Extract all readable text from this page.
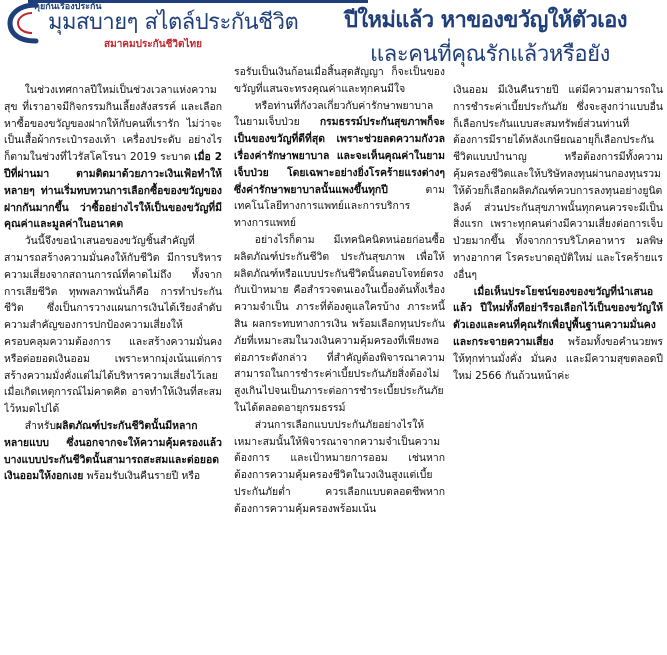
คุยกันเรื่องประกัน
มุมสบายๆ สไตล์ประกันชีวิต
สมาคมประกันชีวิตไทย
ปีใหม่แล้ว หาของขวัญให้ตัวเอง
และคนที่คุณรักแล้วหรือยัง

  ในช่วงเทศกาลปีใหม่เป็นช่วงเวลาแห่งความสุข ที่เราอาจมีกิจกรรมกินเลี้ยงสังสรรค์ และเลือกหาซื้อของขวัญของฝากให้กับคนที่เรารัก ไม่ว่าจะเป็นเสื้อผ้ากระเป๋ารองเท้า เครื่องประดับ อย่างไรก็ตามในช่วงที่ไวรัสโคโรนา 2019 ระบาด เมื่อ 2 ปีที่ผ่านมา ตามติดมาด้วยภาวะเงินเฟ้อทำให้หลายๆ ท่านเริ่มทบทวนการเลือกซื้อของขวัญของฝากกันมากขึ้น ว่าซื้ออย่างไรให้เป็นของขวัญที่มีคุณค่าและมูลค่าในอนาคต

  วันนี้จึงขอนำเสนอของขวัญชิ้นสำคัญที่สามารถสร้างความมั่นคงให้กับชีวิต มีการบริหารความเสี่ยงจากสถานการณ์ที่คาดไม่ถึง ทั้งจากการเสียชีวิต ทุพพลภาพนั่นก็คือ การทำประกันชีวิต ซึ่งเป็นการวางแผนการเงินได้เรียงลำดับความสำคัญของการปกป้องความเสี่ยงให้ครอบคลุมความต้องการ และสร้างความมั่นคง หรือต่อยอดเงินออม เพราะหากมุ่งเน้นแต่การสร้างความมั่งคั่งแต่ไม่ได้บริหารความเสี่ยงไว้เลย เมื่อเกิดเหตุการณ์ไม่คาดคิด อาจทำให้เงินที่สะสมไว้หมดไปได้

  สำหรับผลิตภัณฑ์ประกันชีวิตนั้นมีหลากหลายแบบ ซึ่งนอกจากจะให้ความคุ้มครองแล้วบางแบบประกันชีวิตนั้นสามารถสะสมและต่อยอดเงินออมให้งอกเงย พร้อมรับเงินคืนรายปี หรือ

รอรับเป็นเงินก้อนเมื่อสิ้นสุดสัญญา ก็จะเป็นของขวัญที่แสนจะทรงคุณค่าและทุกคนมีใจ

  หรือท่านที่กังวลเกี่ยวกับค่ารักษาพยาบาลในยามเจ็บป่วย กรมธรรม์ประกันสุขภาพก็จะเป็นของขวัญที่ดีที่สุด เพราะช่วยลดความกังวลเรื่องค่ารักษาพยาบาล และจะเห็นคุณค่าในยามเจ็บป่วย โดยเฉพาะอย่างยิ่งโรคร้ายแรงต่างๆ ซึ่งค่ารักษาพยาบาลนั้นแพงขึ้นทุกปี ตามเทคโนโลยีทางการแพทย์และการบริการทางการแพทย์

  อย่างไรก็ตาม มีเทคนิคนิดหน่อยก่อนซื้อผลิตภัณฑ์ประกันชีวิต ประกันสุขภาพ เพื่อให้ผลิตภัณฑ์หรือแบบประกันชีวิตนั้นตอบโจทย์ตรงกับเป้าหมาย คือสำรวจตนเองในเบื้องต้นทั้งเรื่องความจำเป็น ภาระที่ต้องดูแลใครบ้าง ภาระหนี้สิน ผลกระทบทางการเงิน พร้อมเลือกทุนประกันภัยที่เหมาะสมในวงเงินความคุ้มครองที่เพียงพอต่อภาระดังกล่าว ที่สำคัญต้องพิจารณาความสามารถในการชำระค่าเบี้ยประกันภัยสิ่งต้องไม่สูงเกินไปจนเป็นภาระต่อการชำระเบี้ยประกันภัยในได้ตลอดอายุกรมธรรม์

  ส่วนการเลือกแบบประกันภัยอย่างไรให้เหมาะสมนั้นให้พิจารณาจากความจำเป็นความต้องการ และเป้าหมายการออม เช่นหากต้องการความคุ้มครองชีวิตในวงเงินสูงแต่เบี้ยประกันภัยต่ำ ควรเลือกแบบตลอดชีพหากต้องการความคุ้มครองพร้อมเน้น

เงินออม มีเงินคืนรายปี แต่มีความสามารถในการชำระค่าเบี้ยประกันภัย ซึ่งจะสูงกว่าแบบอื่น ก็เลือกประกันแบบสะสมทรัพย์ส่วนท่านที่ต้องการมีรายได้หลังเกษียณอายุก็เลือกประกันชีวิตแบบบำนาญ หรือต้องการมีทั้งความคุ้มครองชีวิตและให้บริษัทลงทุนผ่านกองทุนรวมให้ด้วยก็เลือกผลิตภัณฑ์ควบการลงทุนอย่างยูนิตลิงค์ ส่วนประกันสุขภาพนั้นทุกคนควรจะมีเป็นสิ่งแรก เพราะทุกคนต่างมีความเสี่ยงต่อการเจ็บป่วยมากขึ้น ทั้งจากการบริโภคอาหาร มลพิษทางอากาศ โรคระบาดอุบัติใหม่ และโรคร้ายแรงอื่นๆ

  เมื่อเห็นประโยชน์ของของขวัญที่นำเสนอแล้ว ปีใหม่ทั้งทีอย่ารีรอเลือกไว้เป็นของขวัญให้ตัวเองและคนที่คุณรักเพื่อปูพื้นฐานความมั่นคงและกระจายความเสี่ยง พร้อมทั้งขอคำนวยพรให้ทุกท่านมั่งคั่ง มั่นคง และมีความสุขตลอดปีใหม่ 2566 กันถ้วนหน้าค่ะ
